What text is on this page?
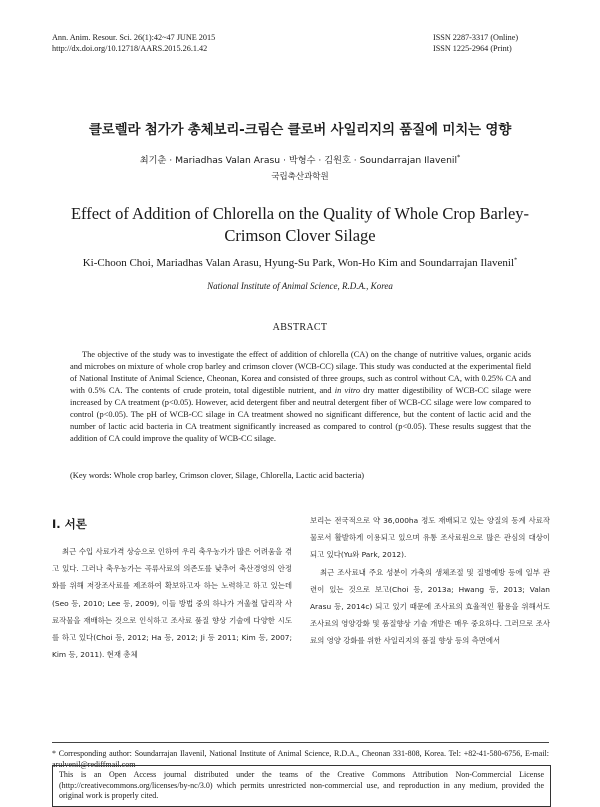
Ann. Anim. Resour. Sci. 26(1):42~47 JUNE 2015
http://dx.doi.org/10.12718/AARS.2015.26.1.42
ISSN 2287-3317 (Online)
ISSN 1225-2964 (Print)
클로렐라 첨가가 총체보리-크림슨 클로버 사일리지의 품질에 미치는 영향
최기춘 · Mariadhas Valan Arasu · 박형수 · 김원호 · Soundarrajan Ilavenil*
국립축산과학원
Effect of Addition of Chlorella on the Quality of Whole Crop Barley-Crimson Clover Silage
Ki-Choon Choi, Mariadhas Valan Arasu, Hyung-Su Park, Won-Ho Kim and Soundarrajan Ilavenil*
National Institute of Animal Science, R.D.A., Korea
ABSTRACT
The objective of the study was to investigate the effect of addition of chlorella (CA) on the change of nutritive values, organic acids and microbes on mixture of whole crop barley and crimson clover (WCB-CC) silage. This study was conducted at the experimental field of National Institute of Animal Science, Cheonan, Korea and consisted of three groups, such as control without CA, with 0.25% CA and with 0.5% CA. The contents of crude protein, total digestible nutrient, and in vitro dry matter digestibility of WCB-CC silage were increased by CA treatment (p<0.05). However, acid detergent fiber and neutral detergent fiber of WCB-CC silage were low compared to control (p<0.05). The pH of WCB-CC silage in CA treatment showed no significant difference, but the content of lactic acid and the number of lactic acid bacteria in CA treatment significantly increased as compared to control (p<0.05). These results suggest that the addition of CA could improve the quality of WCB-CC silage.
(Key words: Whole crop barley, Crimson clover, Silage, Chlorella, Lactic acid bacteria)
Ⅰ. 서론
최근 수입 사료가격 상승으로 인하여 우리 축우농가가 많은 어려움을 겪고 있다. 그러나 축우농가는 곡류사료의 의존도를 낮추어 축산경영의 안정화를 위해 저장조사료를 제조하여 확보하고자 하는 노력하고 하고 있는데(Seo 등, 2010; Lee 등, 2009), 이들 방법 중의 하나가 겨울철 답리작 사료작물을 재배하는 것으로 인식하고 조사료 품질 향상 기술에 다양한 시도를 하고 있다(Choi 등, 2012; Ha 등, 2012; Ji 등 2011; Kim 등, 2007; Kim 등, 2011). 현재 총체

보리는 전국적으로 약 36,000ha 정도 재배되고 있는 양질의 동계 사료작물로서 활발하게 이용되고 있으며 유통 조사료원으로 많은 관심의 대상이 되고 있다(Yu와 Park, 2012).

최근 조사료내 주요 성분이 가축의 생체조절 및 질병예방 등에 일부 관련이 있는 것으로 보고(Choi 등, 2013a; Hwang 등, 2013; Valan Arasu 등, 2014c) 되고 있기 때문에 조사료의 효율적인 활용을 위해서도 조사료의 영양강화 및 품질향상 기술 개발은 매우 중요하다. 그러므로 조사료의 영양 강화를 위한 사일리지의 품질 향상 등의 측면에서

* Corresponding author: Soundarrajan Ilavenil, National Institute of Animal Science, R.D.A., Cheonan 331-808, Korea. Tel: +82-41-580-6756, E-mail: arulvenil@rediffmail.com
This is an Open Access journal distributed under the teams of the Creative Commons Attribution Non-Commercial License (http://creativecommons.org/licenses/by-nc/3.0) which permits unrestricted non-commercial use, and reproduction in any medium, provided the original work is properly cited.
